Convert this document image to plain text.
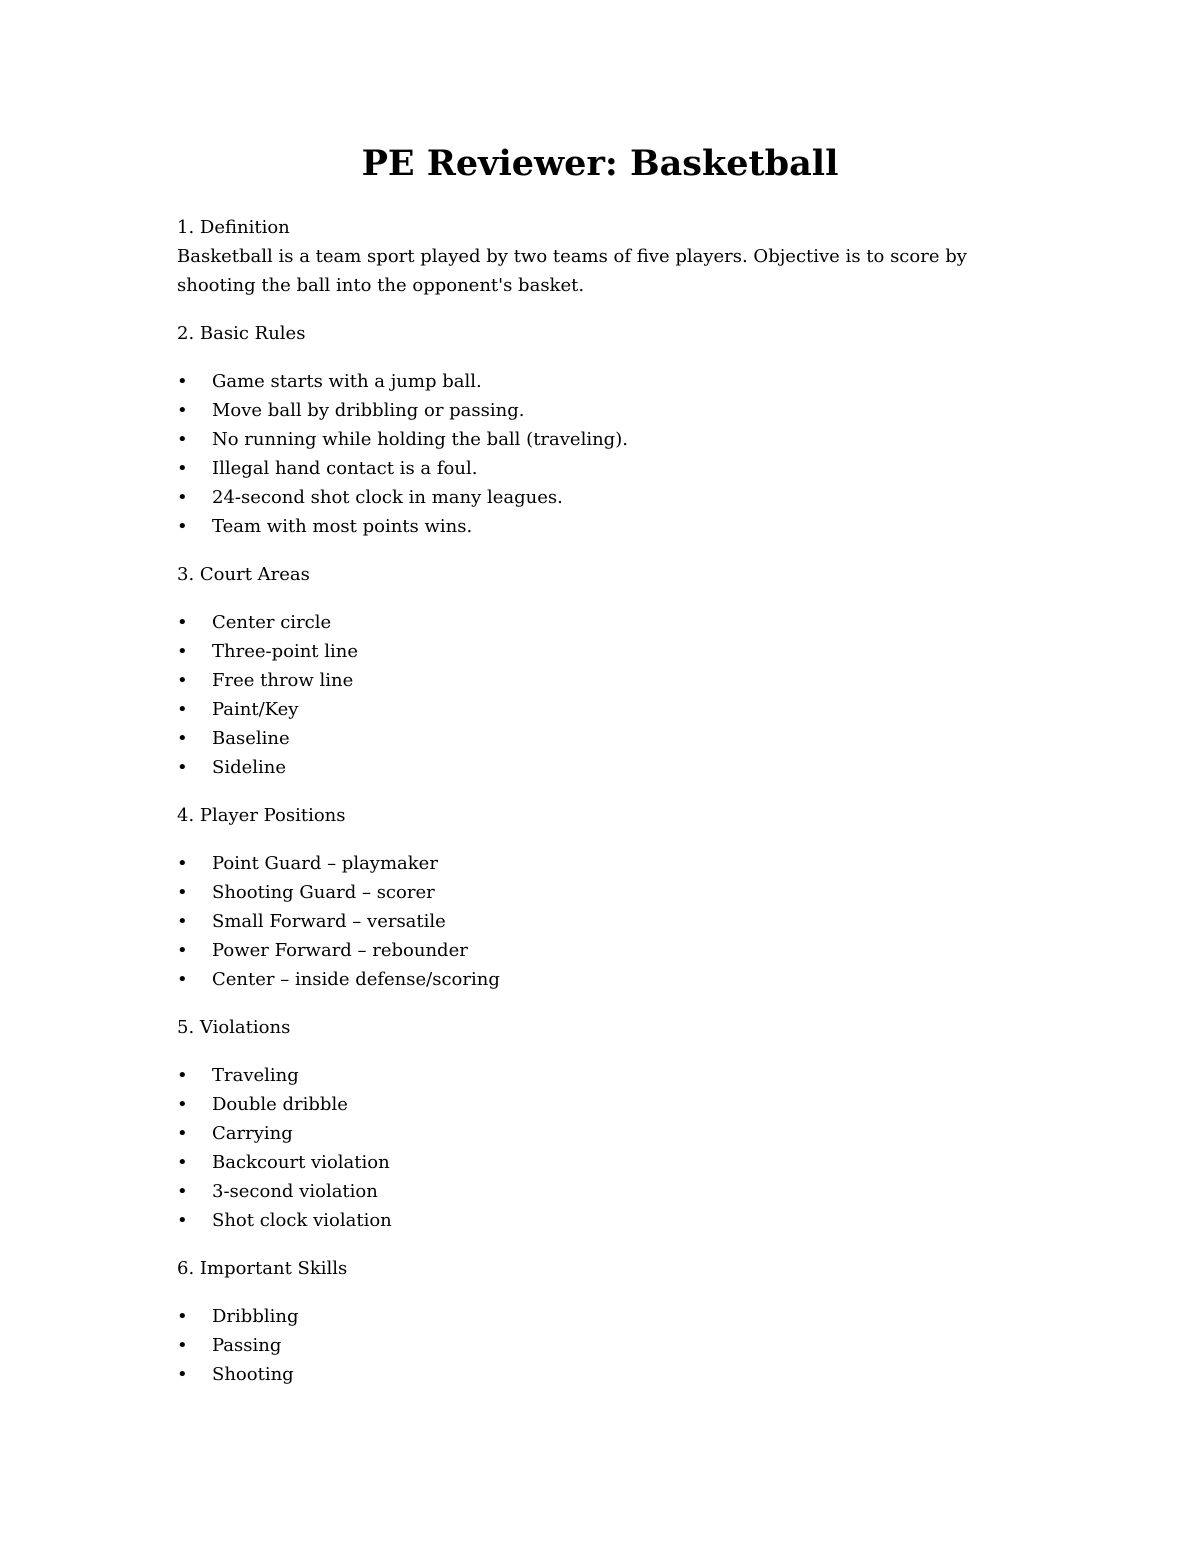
PE Reviewer: Basketball

1. Definition

Basketball is a team sport played by two teams of five players. Objective is to score by shooting the ball into the opponent's basket.

2. Basic Rules

• Game starts with a jump ball.
• Move ball by dribbling or passing.
• No running while holding the ball (traveling).
• Illegal hand contact is a foul.
• 24-second shot clock in many leagues.
• Team with most points wins.

3. Court Areas

• Center circle
• Three-point line
• Free throw line
• Paint/Key
• Baseline
• Sideline

4. Player Positions

• Point Guard – playmaker
• Shooting Guard – scorer
• Small Forward – versatile
• Power Forward – rebounder
• Center – inside defense/scoring

5. Violations

• Traveling
• Double dribble
• Carrying
• Backcourt violation
• 3-second violation
• Shot clock violation

6. Important Skills

• Dribbling
• Passing
• Shooting
